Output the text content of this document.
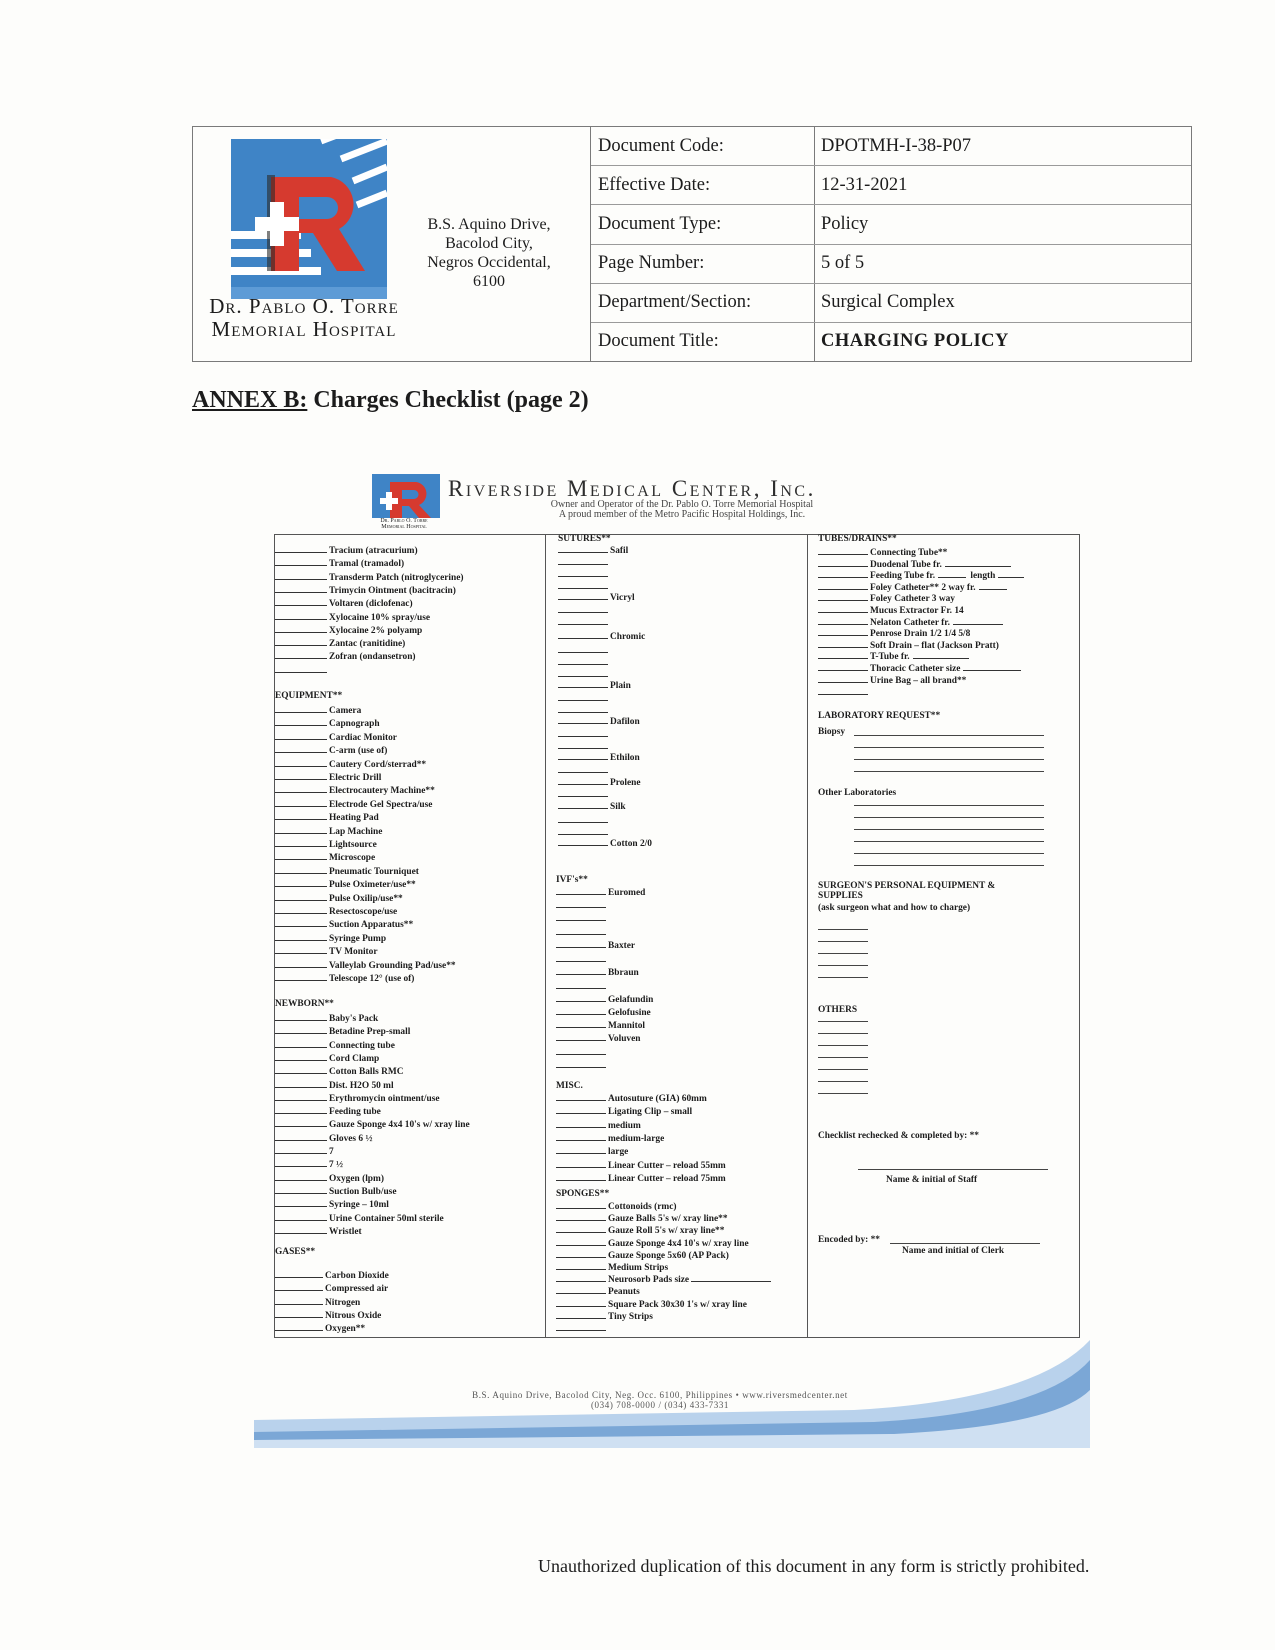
Dr. Pablo O. Torre
Memorial Hospital
B.S. Aquino Drive,
Bacolod City,
Negros Occidental,
6100
Document Code:	DPOTMH-I-38-P07
Effective Date:	12-31-2021
Document Type:	Policy
Page Number:	5 of 5
Department/Section:	Surgical Complex
Document Title:	CHARGING POLICY
ANNEX B: Charges Checklist (page 2)
Dr. Pablo O. Torre
Memorial Hospital
Riverside Medical Center, Inc.
Owner and Operator of the Dr. Pablo O. Torre Memorial Hospital
A proud member of the Metro Pacific Hospital Holdings, Inc.
Tracium (atracurium)
Tramal (tramadol)
Transderm Patch (nitroglycerine)
Trimycin Ointment (bacitracin)
Voltaren (diclofenac)
Xylocaine 10% spray/use
Xylocaine 2% polyamp
Zantac (ranitidine)
Zofran (ondansetron)
EQUIPMENT**
Camera
Capnograph
Cardiac Monitor
C-arm (use of)
Cautery Cord/sterrad**
Electric Drill
Electrocautery Machine**
Electrode Gel Spectra/use
Heating Pad
Lap Machine
Lightsource
Microscope
Pneumatic Tourniquet
Pulse Oximeter/use**
Pulse Oxilip/use**
Resectoscope/use
Suction Apparatus**
Syringe Pump
TV Monitor
Valleylab Grounding Pad/use**
Telescope 12° (use of)
NEWBORN**
Baby's Pack
Betadine Prep-small
Connecting tube
Cord Clamp
Cotton Balls RMC
Dist. H2O 50 ml
Erythromycin ointment/use
Feeding tube
Gauze Sponge 4x4 10's w/ xray line
Gloves 6 ½
7
7 ½
Oxygen (lpm)
Suction Bulb/use
Syringe – 10ml
Urine Container 50ml sterile
Wristlet
GASES**
Carbon Dioxide
Compressed air
Nitrogen
Nitrous Oxide
Oxygen**
SUTURES**
Safil
Vicryl
Chromic
Plain
Dafilon
Ethilon
Prolene
Silk
Cotton 2/0
IVF's**
Euromed
Baxter
Bbraun
Gelafundin
Gelofusine
Mannitol
Voluven
MISC.
Autosuture (GIA) 60mm
Ligating Clip – small
medium
medium-large
large
Linear Cutter – reload 55mm
Linear Cutter – reload 75mm
SPONGES**
Cottonoids (rmc)
Gauze Balls 5's w/ xray line**
Gauze Roll 5's w/ xray line**
Gauze Sponge 4x4 10's w/ xray line
Gauze Sponge 5x60 (AP Pack)
Medium Strips
Neurosorb Pads size
Peanuts
Square Pack 30x30 1's w/ xray line
Tiny Strips
TUBES/DRAINS**
Connecting Tube**
Duodenal Tube fr.
Feeding Tube fr.	length
Foley Catheter** 2 way fr.
Foley Catheter 3 way
Mucus Extractor Fr. 14
Nelaton Catheter fr.
Penrose Drain 1/2 1/4 5/8
Soft Drain – flat (Jackson Pratt)
T-Tube fr.
Thoracic Catheter size
Urine Bag – all brand**
LABORATORY REQUEST**
Biopsy
Other Laboratories
SURGEON'S PERSONAL EQUIPMENT &
SUPPLIES
(ask surgeon what and how to charge)
OTHERS
Checklist rechecked & completed by: **
Name & initial of Staff
Encoded by: **
Name and initial of Clerk
B.S. Aquino Drive, Bacolod City, Neg. Occ. 6100, Philippines • www.riversmedcenter.net
(034) 708-0000 / (034) 433-7331
Unauthorized duplication of this document in any form is strictly prohibited.
